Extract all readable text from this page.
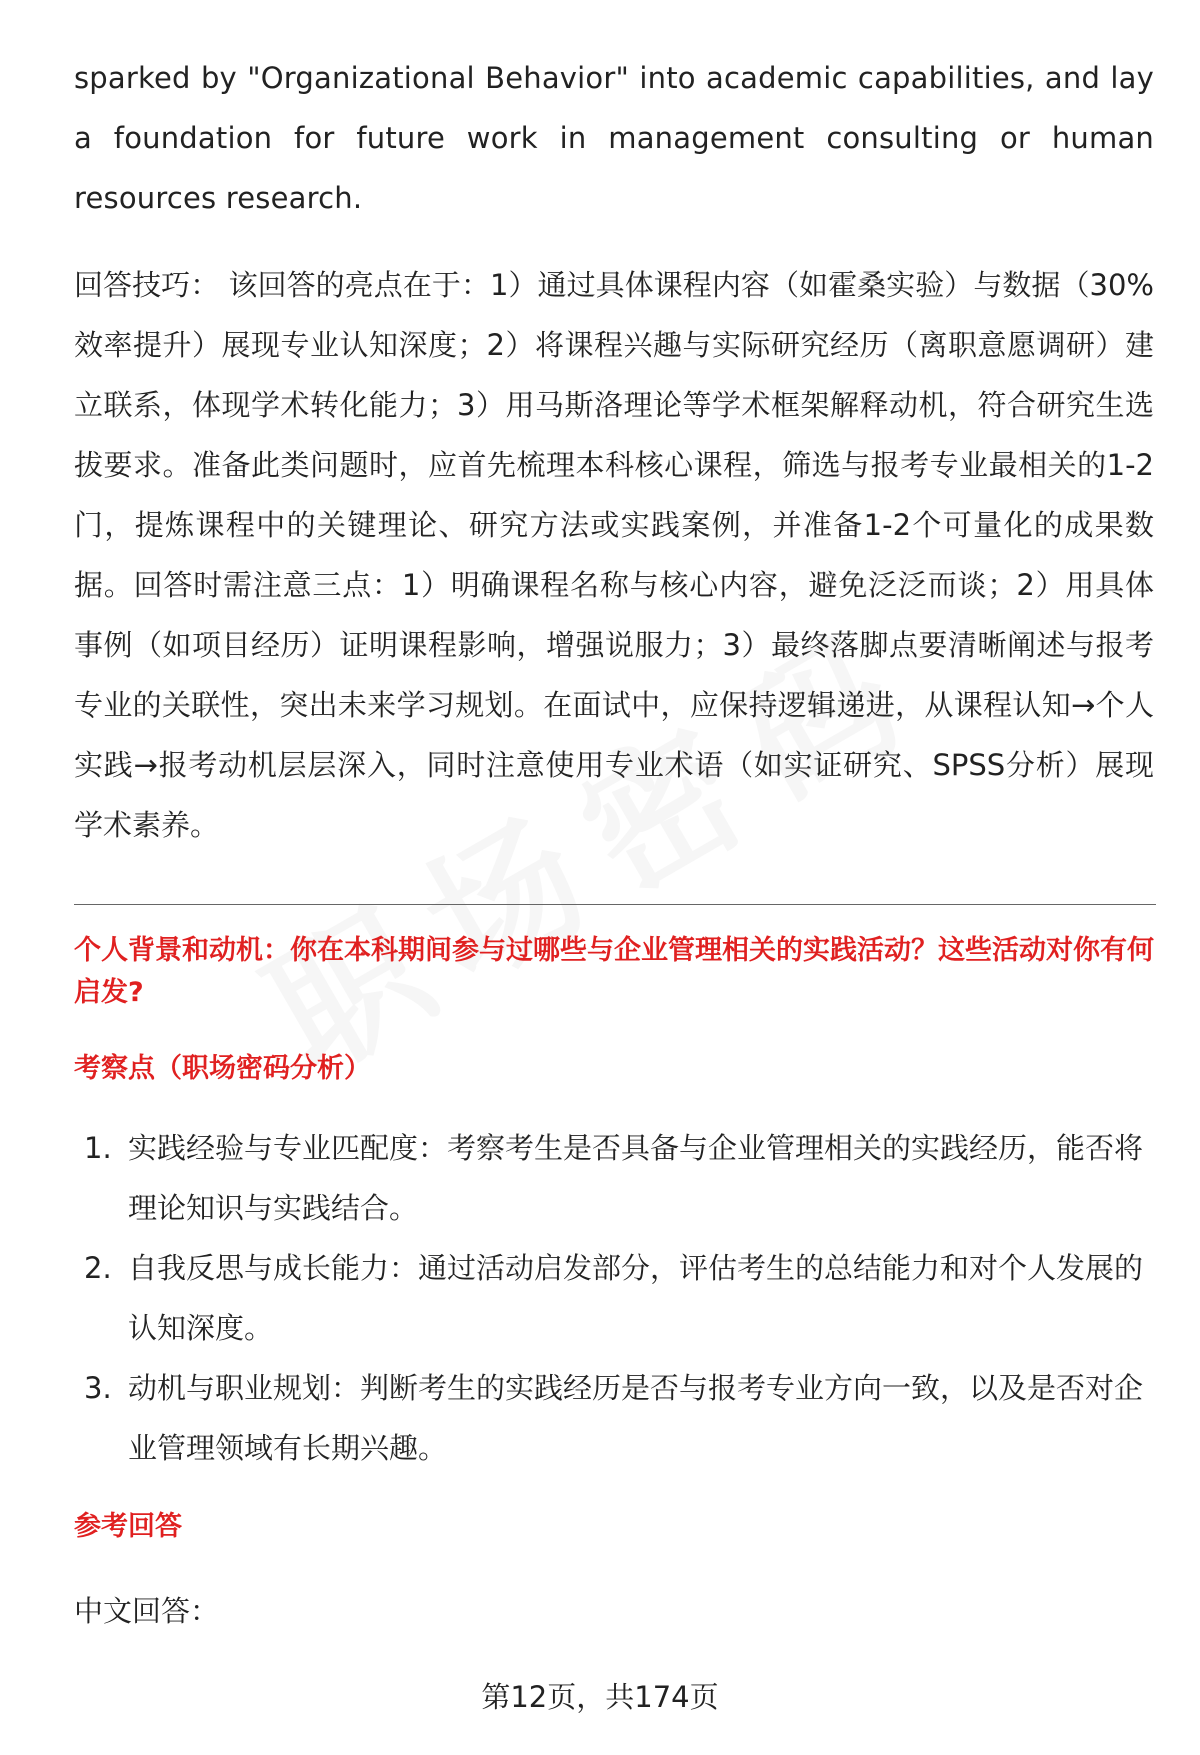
sparked by "Organizational Behavior" into academic capabilities, and lay a foundation for future work in management consulting or human resources research.

回答技巧： 该回答的亮点在于：1）通过具体课程内容（如霍桑实验）与数据（30%效率提升）展现专业认知深度；2）将课程兴趣与实际研究经历（离职意愿调研）建立联系，体现学术转化能力；3）用马斯洛理论等学术框架解释动机，符合研究生选拔要求。准备此类问题时，应首先梳理本科核心课程，筛选与报考专业最相关的1-2门，提炼课程中的关键理论、研究方法或实践案例，并准备1-2个可量化的成果数据。回答时需注意三点：1）明确课程名称与核心内容，避免泛泛而谈；2）用具体事例（如项目经历）证明课程影响，增强说服力；3）最终落脚点要清晰阐述与报考专业的关联性，突出未来学习规划。在面试中，应保持逻辑递进，从课程认知→个人实践→报考动机层层深入，同时注意使用专业术语（如实证研究、SPSS分析）展现学术素养。

个人背景和动机：你在本科期间参与过哪些与企业管理相关的实践活动？这些活动对你有何启发?
考察点（职场密码分析）
1. 实践经验与专业匹配度：考察考生是否具备与企业管理相关的实践经历，能否将理论知识与实践结合。
2. 自我反思与成长能力：通过活动启发部分，评估考生的总结能力和对个人发展的认知深度。
3. 动机与职业规划：判断考生的实践经历是否与报考专业方向一致，以及是否对企业管理领域有长期兴趣。
参考回答
中文回答：
第12页，共174页
